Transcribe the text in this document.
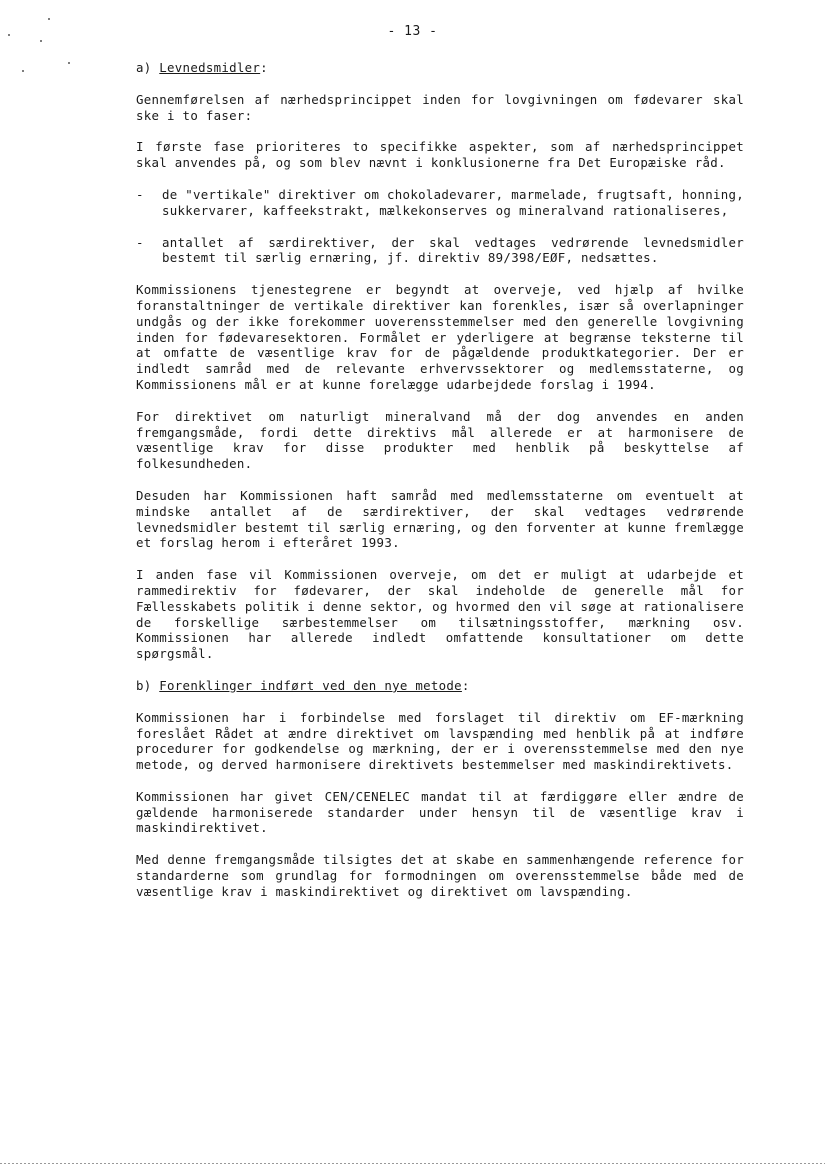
- 13 -
a) Levnedsmidler:

Gennemførelsen af nærhedsprincippet inden for lovgivningen om fødevarer skal ske i to faser:

I første fase prioriteres to specifikke aspekter, som af nærhedsprincippet skal anvendes på, og som blev nævnt i konklusionerne fra Det Europæiske råd.

- de "vertikale" direktiver om chokoladevarer, marmelade, frugtsaft, honning, sukkervarer, kaffeekstrakt, mælkekonserves og mineralvand rationaliseres,
- antallet af særdirektiver, der skal vedtages vedrørende levnedsmidler bestemt til særlig ernæring, jf. direktiv 89/398/EØF, nedsættes.

Kommissionens tjenestegrene er begyndt at overveje, ved hjælp af hvilke foranstaltninger de vertikale direktiver kan forenkles, især så overlapninger undgås og der ikke forekommer uoverensstemmelser med den generelle lovgivning inden for fødevaresektoren. Formålet er yderligere at begrænse teksterne til at omfatte de væsentlige krav for de pågældende produktkategorier. Der er indledt samråd med de relevante erhvervssektorer og medlemsstaterne, og Kommissionens mål er at kunne forelægge udarbejdede forslag i 1994.

For direktivet om naturligt mineralvand må der dog anvendes en anden fremgangsmåde, fordi dette direktivs mål allerede er at harmonisere de væsentlige krav for disse produkter med henblik på beskyttelse af folkesundheden.

Desuden har Kommissionen haft samråd med medlemsstaterne om eventuelt at mindske antallet af de særdirektiver, der skal vedtages vedrørende levnedsmidler bestemt til særlig ernæring, og den forventer at kunne fremlægge et forslag herom i efteråret 1993.

I anden fase vil Kommissionen overveje, om det er muligt at udarbejde et rammedirektiv for fødevarer, der skal indeholde de generelle mål for Fællesskabets politik i denne sektor, og hvormed den vil søge at rationalisere de forskellige særbestemmelser om tilsætningsstoffer, mærkning osv. Kommissionen har allerede indledt omfattende konsultationer om dette spørgsmål.

b) Forenklinger indført ved den nye metode:

Kommissionen har i forbindelse med forslaget til direktiv om EF-mærkning foreslået Rådet at ændre direktivet om lavspænding med henblik på at indføre procedurer for godkendelse og mærkning, der er i overensstemmelse med den nye metode, og derved harmonisere direktivets bestemmelser med maskindirektivets.

Kommissionen har givet CEN/CENELEC mandat til at færdiggøre eller ændre de gældende harmoniserede standarder under hensyn til de væsentlige krav i maskindirektivet.

Med denne fremgangsmåde tilsigtes det at skabe en sammenhængende reference for standarderne som grundlag for formodningen om overensstemmelse både med de væsentlige krav i maskindirektivet og direktivet om lavspænding.
